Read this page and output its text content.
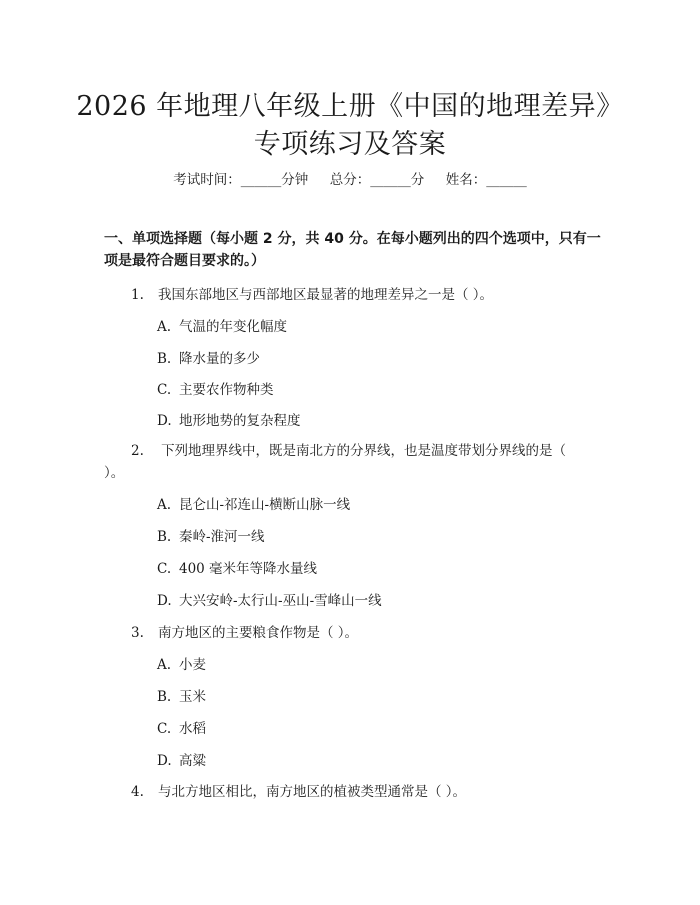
2026 年地理八年级上册《中国的地理差异》
专项练习及答案
考试时间：______分钟     总分：______分     姓名：______
一、单项选择题（每小题 2 分，共 40 分。在每小题列出的四个选项中，只有一项是最符合题目要求的。）
1. 我国东部地区与西部地区最显著的地理差异之一是（ ）。
A. 气温的年变化幅度
B. 降水量的多少
C. 主要农作物种类
D. 地形地势的复杂程度
2. 下列地理界线中，既是南北方的分界线，也是温度带划分界线的是（ ）。
A. 昆仑山-祁连山-横断山脉一线
B. 秦岭-淮河一线
C. 400 毫米年等降水量线
D. 大兴安岭-太行山-巫山-雪峰山一线
3. 南方地区的主要粮食作物是（ ）。
A. 小麦
B. 玉米
C. 水稻
D. 高粱
4. 与北方地区相比，南方地区的植被类型通常是（ ）。
